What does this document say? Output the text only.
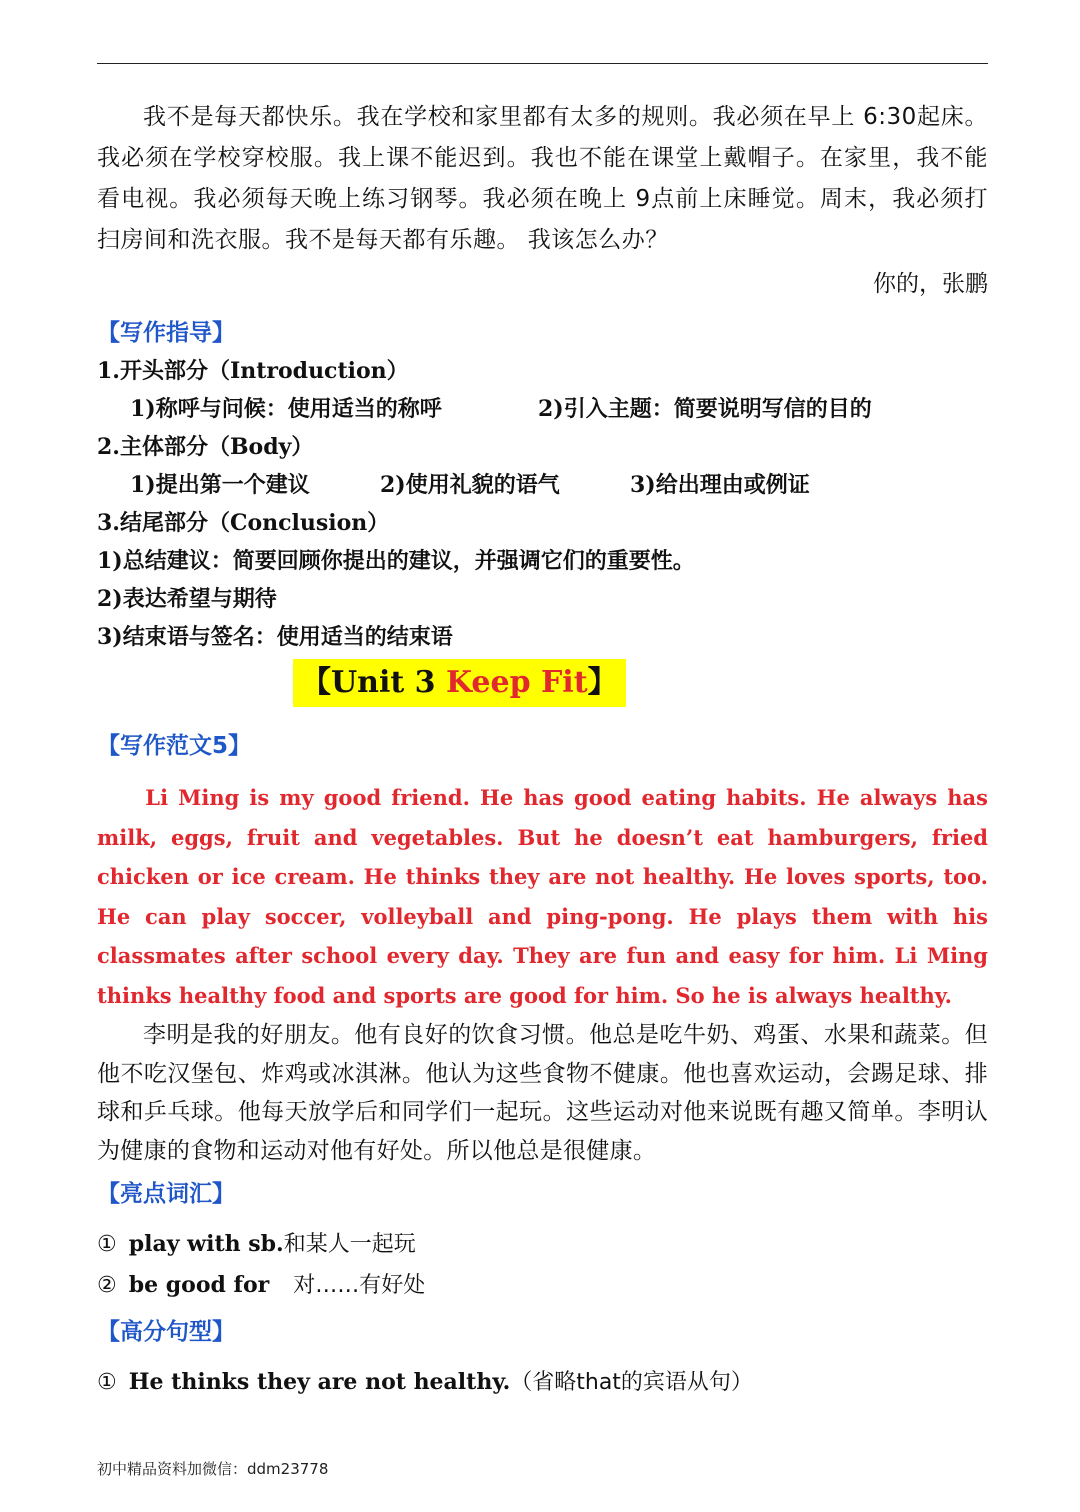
我不是每天都快乐。我在学校和家里都有太多的规则。我必须在早上 6:30起床。我必须在学校穿校服。我上课不能迟到。我也不能在课堂上戴帽子。在家里，我不能看电视。我必须每天晚上练习钢琴。我必须在晚上 9点前上床睡觉。周末，我必须打扫房间和洗衣服。我不是每天都有乐趣。 我该怎么办？
你的，张鹏
【写作指导】
1.开头部分（Introduction）
1)称呼与问候：使用适当的称呼	2)引入主题：简要说明写信的目的
2.主体部分（Body）
1)提出第一个建议	2)使用礼貌的语气	3)给出理由或例证
3.结尾部分（Conclusion）
1)总结建议：简要回顾你提出的建议，并强调它们的重要性。
2)表达希望与期待
3)结束语与签名：使用适当的结束语
【Unit 3 Keep Fit】
【写作范文5】
Li Ming is my good friend. He has good eating habits. He always has milk, eggs, fruit and vegetables. But he doesn’t eat hamburgers, fried chicken or ice cream. He thinks they are not healthy. He loves sports, too. He can play soccer, volleyball and ping-pong. He plays them with his classmates after school every day. They are fun and easy for him. Li Ming thinks healthy food and sports are good for him. So he is always healthy.
李明是我的好朋友。他有良好的饮食习惯。他总是吃牛奶、鸡蛋、水果和蔬菜。但他不吃汉堡包、炸鸡或冰淇淋。他认为这些食物不健康。他也喜欢运动，会踢足球、排球和乒乓球。他每天放学后和同学们一起玩。这些运动对他来说既有趣又简单。李明认为健康的食物和运动对他有好处。所以他总是很健康。
【亮点词汇】
① play with sb.和某人一起玩
② be good for 对……有好处
【高分句型】
① He thinks they are not healthy.（省略that的宾语从句）
初中精品资料加微信：ddm23778
